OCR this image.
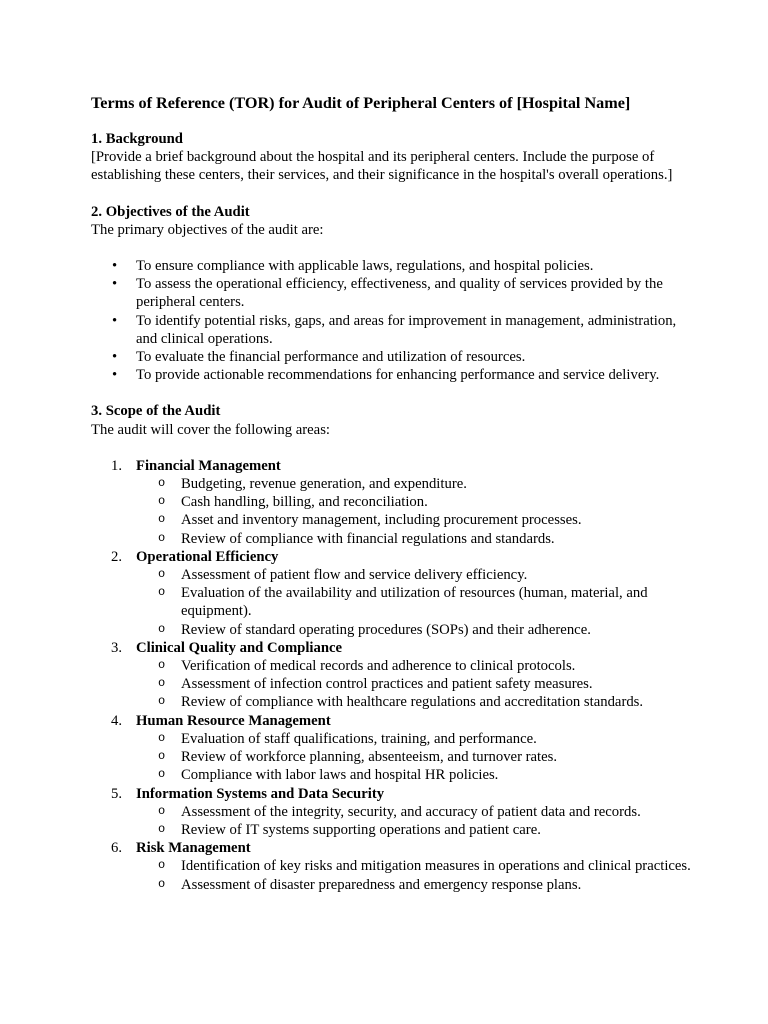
Terms of Reference (TOR) for Audit of Peripheral Centers of [Hospital Name]

1. Background

[Provide a brief background about the hospital and its peripheral centers. Include the purpose of establishing these centers, their services, and their significance in the hospital's overall operations.]

2. Objectives of the Audit

The primary objectives of the audit are:

• To ensure compliance with applicable laws, regulations, and hospital policies.
• To assess the operational efficiency, effectiveness, and quality of services provided by the peripheral centers.
• To identify potential risks, gaps, and areas for improvement in management, administration, and clinical operations.
• To evaluate the financial performance and utilization of resources.
• To provide actionable recommendations for enhancing performance and service delivery.

3. Scope of the Audit

The audit will cover the following areas:

1. Financial Management
o Budgeting, revenue generation, and expenditure.
o Cash handling, billing, and reconciliation.
o Asset and inventory management, including procurement processes.
o Review of compliance with financial regulations and standards.
2. Operational Efficiency
o Assessment of patient flow and service delivery efficiency.
o Evaluation of the availability and utilization of resources (human, material, and equipment).
o Review of standard operating procedures (SOPs) and their adherence.
3. Clinical Quality and Compliance
o Verification of medical records and adherence to clinical protocols.
o Assessment of infection control practices and patient safety measures.
o Review of compliance with healthcare regulations and accreditation standards.
4. Human Resource Management
o Evaluation of staff qualifications, training, and performance.
o Review of workforce planning, absenteeism, and turnover rates.
o Compliance with labor laws and hospital HR policies.
5. Information Systems and Data Security
o Assessment of the integrity, security, and accuracy of patient data and records.
o Review of IT systems supporting operations and patient care.
6. Risk Management
o Identification of key risks and mitigation measures in operations and clinical practices.
o Assessment of disaster preparedness and emergency response plans.
